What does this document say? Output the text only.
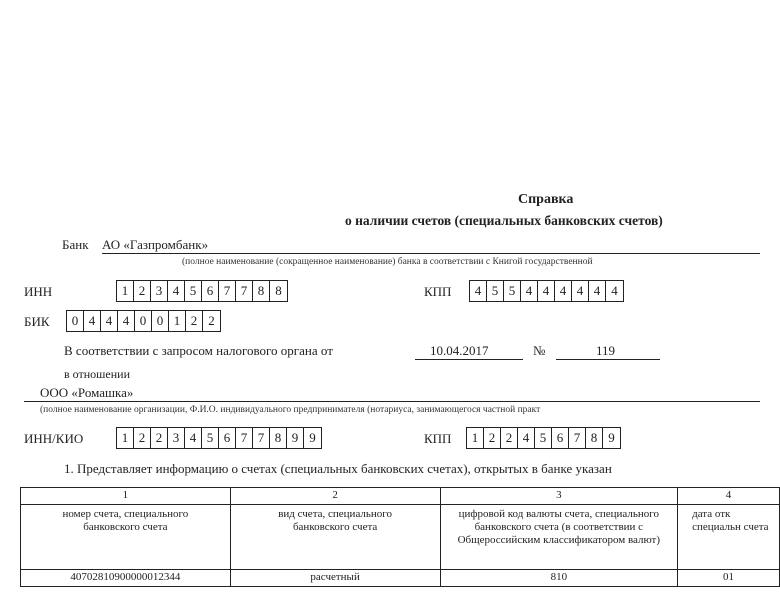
Справка
о наличии счетов (специальных банковских счетов)
Банк АО «Газпромбанк»
(полное наименование (сокращенное наименование) банка в соответствии с Книгой государственной
ИНН	1 2 3 4 5 6 7 7 8 8	КПП	4 5 5 4 4 4 4 4 4
БИК	0 4 4 4 0 0 1 2 2
В соответствии с запросом налогового органа от	10.04.2017	№	119
в отношении
ООО «Ромашка»
(полное наименование организации, Ф.И.О. индивидуального предпринимателя (нотариуса, занимающегося частной практ
ИНН/КИО	1 2 2 3 4 5 6 7 7 8 9 9	КПП	1 2 2 4 5 6 7 8 9
1. Представляет информацию о счетах (специальных банковских счетах), открытых в банке указан
1	2	3	4
номер счета, специального банковского счета	вид счета, специального банковского счета	цифровой код валюты счета, специального банковского счета (в соответствии с Общероссийским классификатором валют)	дата отк специальн счета
40702810900000012344	расчетный	810	01
